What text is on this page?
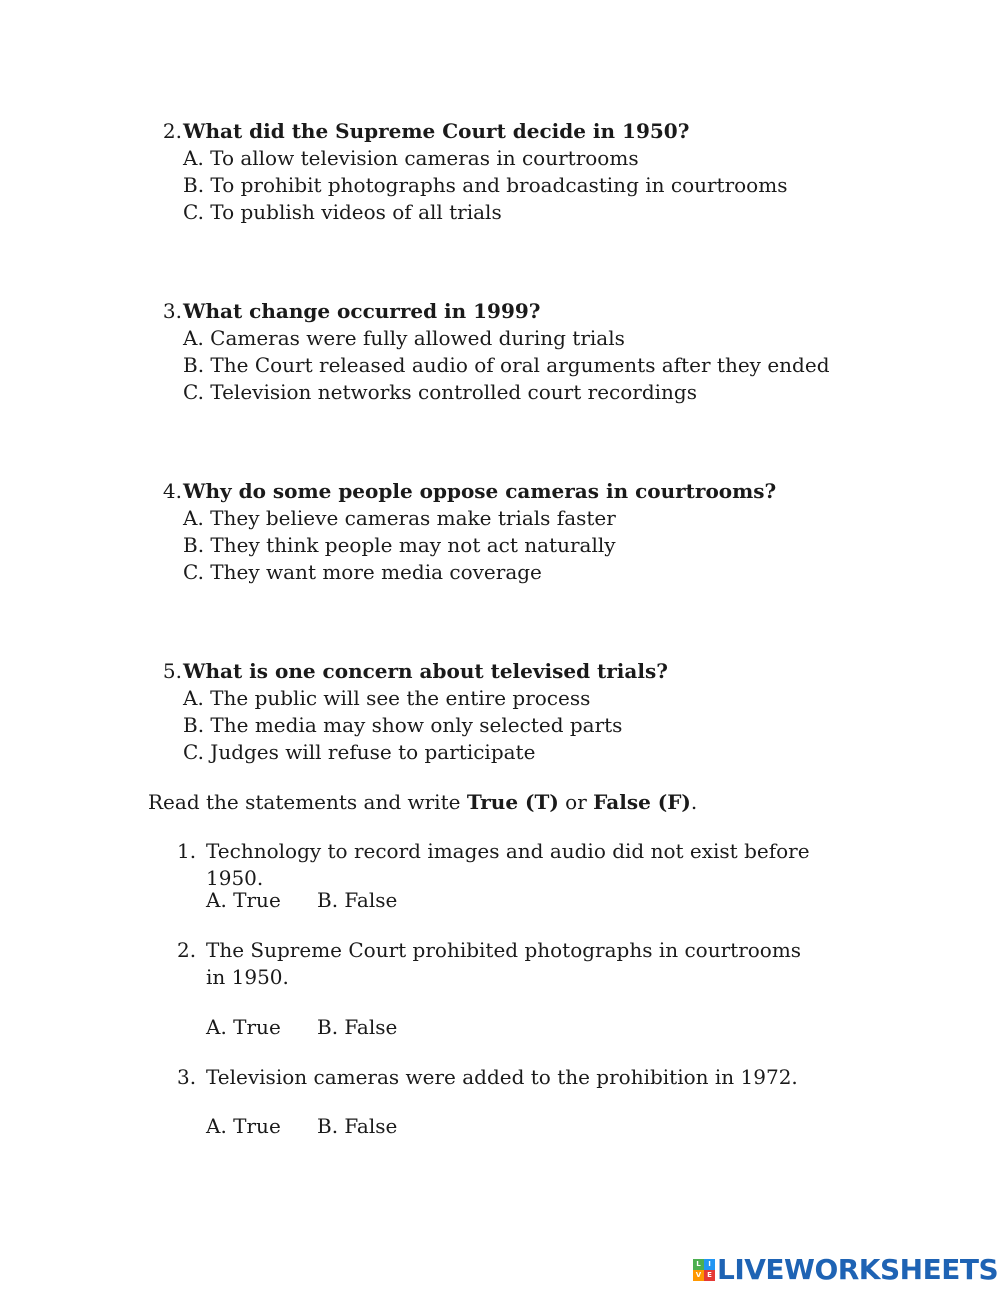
2. What did the Supreme Court decide in 1950?
A. To allow television cameras in courtrooms
B. To prohibit photographs and broadcasting in courtrooms
C. To publish videos of all trials
3. What change occurred in 1999?
A. Cameras were fully allowed during trials
B. The Court released audio of oral arguments after they ended
C. Television networks controlled court recordings
4. Why do some people oppose cameras in courtrooms?
A. They believe cameras make trials faster
B. They think people may not act naturally
C. They want more media coverage
5. What is one concern about televised trials?
A. The public will see the entire process
B. The media may show only selected parts
C. Judges will refuse to participate
Read the statements and write True (T) or False (F).
1. Technology to record images and audio did not exist before 1950.
A. True	B. False
2. The Supreme Court prohibited photographs in courtrooms in 1950.
A. True	B. False
3. Television cameras were added to the prohibition in 1972.
A. True	B. False
L	I
V E LIVEWORKSHEETS
